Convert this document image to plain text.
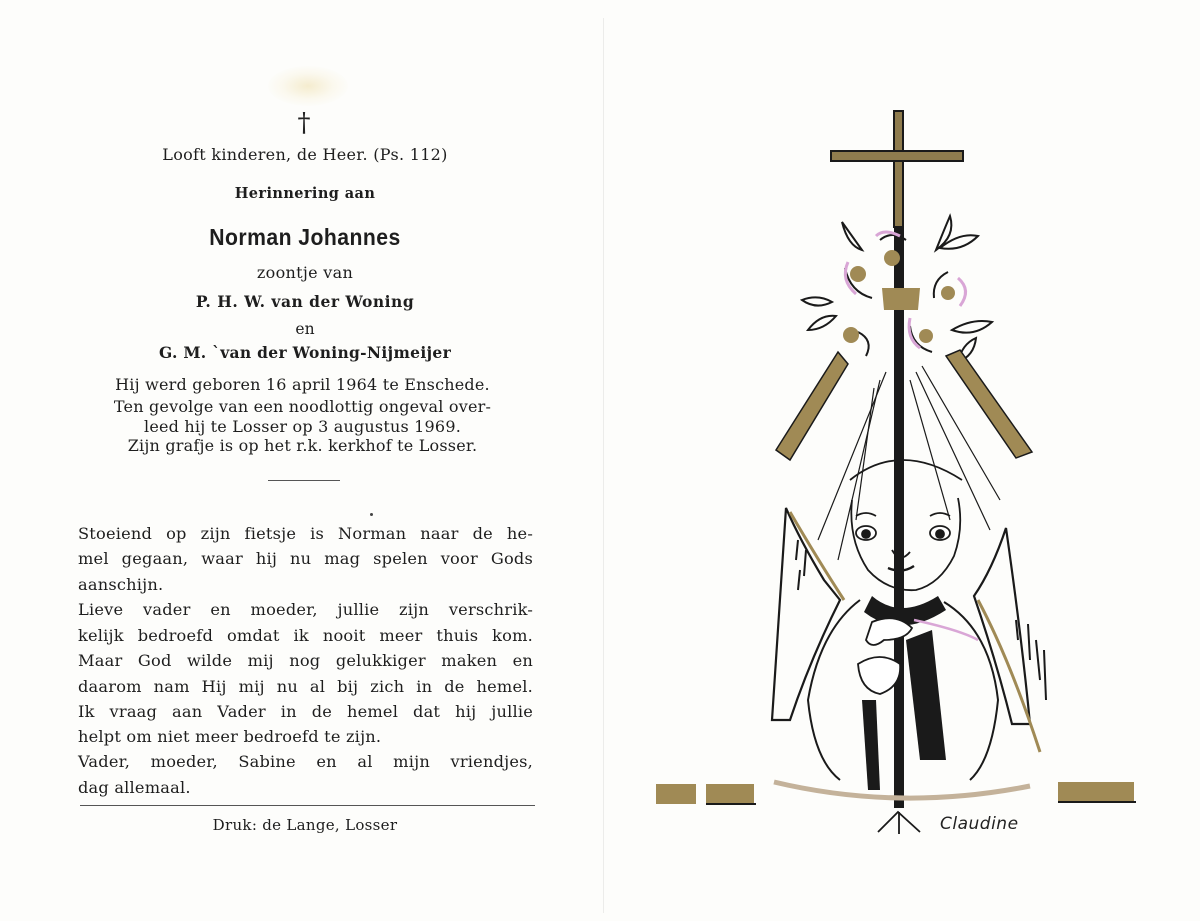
†
Looft kinderen, de Heer. (Ps. 112)
Herinnering aan
Norman Johannes
zoontje van
P. H. W. van der Woning
en
G. M. `van der Woning-Nijmeijer
Hij werd geboren 16 april 1964 te Enschede.
Ten gevolge van een noodlottig ongeval over-
leed hij te Losser op 3 augustus 1969.
Zijn grafje is op het r.k. kerkhof te Losser.
Stoeiend op zijn fietsje is Norman naar de he-
mel gegaan, waar hij nu mag spelen voor Gods
aanschijn.
Lieve vader en moeder, jullie zijn verschrik-
kelijk bedroefd omdat ik nooit meer thuis kom.
Maar God wilde mij nog gelukkiger maken en
daarom nam Hij mij nu al bij zich in de hemel.
Ik vraag aan Vader in de hemel dat hij jullie
helpt om niet meer bedroefd te zijn.
Vader, moeder, Sabine en al mijn vriendjes,
dag allemaal.
Druk: de Lange, Losser	Claudine
